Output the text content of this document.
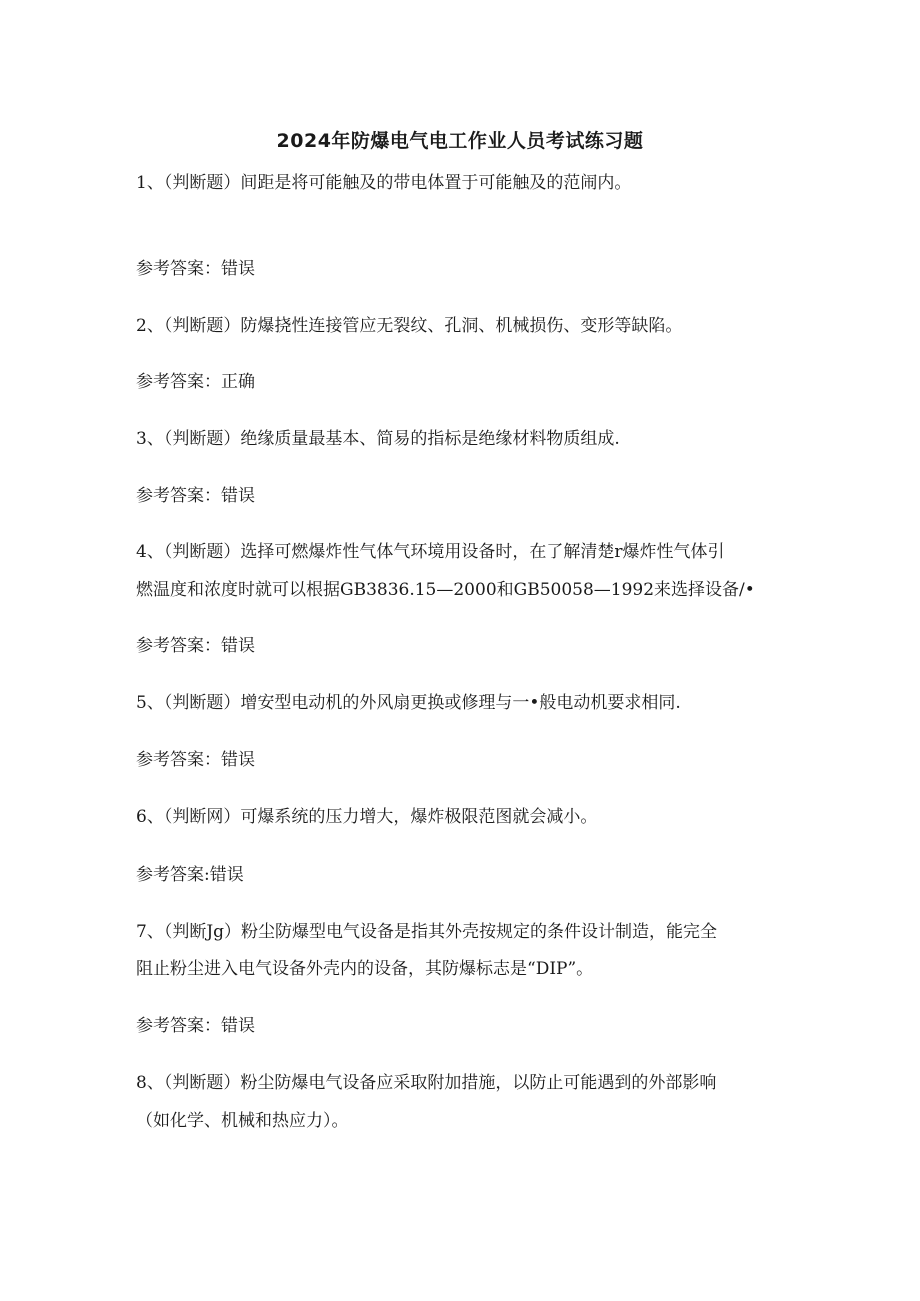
2024年防爆电气电工作业人员考试练习题
1、（判断题）间距是将可能触及的带电体置于可能触及的范闹内。
参考答案：错误
2、（判断题）防爆挠性连接管应无裂纹、孔洞、机械损伤、变形等缺陷。
参考答案：正确
3、（判断题）绝缘质量最基本、简易的指标是绝缘材料物质组成.
参考答案：错误
4、（判断题）选择可燃爆炸性气体气环境用设备时，在了解清楚r爆炸性气体引
燃温度和浓度时就可以根据GB3836.15—2000和GB50058—1992来选择设备/•
参考答案：错误
5、（判断题）增安型电动机的外风扇更换或修理与一•般电动机要求相同.
参考答案：错误
6、（判断网）可爆系统的压力增大，爆炸极限范图就会减小。
参考答案:错误
7、（判断Jg）粉尘防爆型电气设备是指其外壳按规定的条件设计制造，能完全
阻止粉尘进入电气设备外壳内的设备，其防爆标志是“DIP”。
参考答案：错误
8、（判断题）粉尘防爆电气设备应采取附加措施，以防止可能遇到的外部影响
（如化学、机械和热应力）。
